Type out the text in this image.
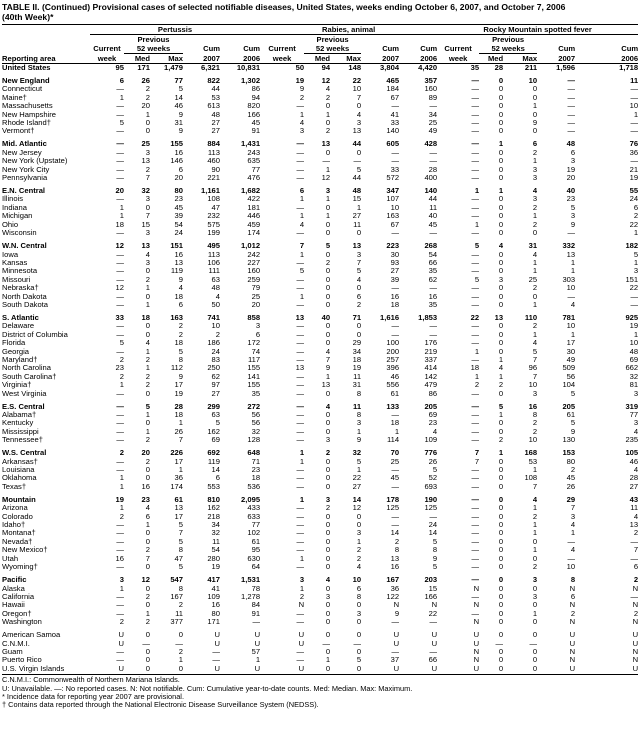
TABLE II. (Continued) Provisional cases of selected notifiable diseases, United States, weeks ending October 6, 2007, and October 7, 2006
(40th Week)*
	Pertussis					Rabies, animal					Rocky Mountain spotted fever				
		Previous					Previous					Previous			
	Current	52 weeks		Cum	Cum	Current	52 weeks		Cum	Cum	Current	52 weeks		Cum	Cum
Reporting area	week	Med	Max	2007	2006	week	Med	Max	2007	2006	week	Med	Max	2007	2006
United States	95	171	1,479	6,321	10,831	50	94	148	3,804	4,420	35	28	211	1,596	1,718

New England	6	26	77	822	1,302	19	12	22	465	357	—	0	10	—	11
Connecticut	—	2	5	44	86	9	4	10	184	160	—	0	0	—	—
Maine†	1	2	14	53	94	2	2	7	67	89	—	0	0	—	—
Massachusetts	—	20	46	613	820	—	0	0	—	—	—	0	1	—	10
New Hampshire	—	1	9	48	166	1	1	4	41	34	—	0	0	—	1
Rhode Island†	5	0	31	27	45	4	0	3	33	25	—	0	9	—	—
Vermont†	—	0	9	27	91	3	2	13	140	49	—	0	0	—	—

Mid. Atlantic	—	25	155	884	1,431	—	13	44	605	428	—	1	6	48	76
New Jersey	—	3	16	113	243	—	0	0	—	—	—	0	2	6	36
New York (Upstate)	—	13	146	460	635	—	—	—	—	—	—	0	1	3	—
New York City	—	2	6	90	77	—	1	5	33	28	—	0	3	19	21
Pennsylvania	—	7	20	221	476	—	12	44	572	400	—	0	3	20	19

E.N. Central	20	32	80	1,161	1,682	6	3	48	347	140	1	1	4	40	55
Illinois	—	3	23	108	422	1	1	15	107	44	—	0	3	23	24
Indiana	1	0	45	47	181	—	0	1	10	11	—	0	2	5	6
Michigan	1	7	39	232	446	1	1	27	163	40	—	0	1	3	2
Ohio	18	15	54	575	459	4	0	11	67	45	1	0	2	9	22
Wisconsin	—	3	24	199	174	—	0	0	—	—	—	0	0	—	1

W.N. Central	12	13	151	495	1,012	7	5	13	223	268	5	4	31	332	182
Iowa	—	4	16	113	242	1	0	3	30	54	—	0	4	13	5
Kansas	—	3	13	106	227	—	2	7	93	66	—	0	1	1	1
Minnesota	—	0	119	111	160	5	0	5	27	35	—	0	1	1	3
Missouri	—	2	9	63	259	—	0	4	39	62	5	3	25	303	151
Nebraska†	12	1	4	48	79	—	0	0	—	—	—	0	2	10	22
North Dakota	—	0	18	4	25	1	0	6	16	16	—	0	0	—	—
South Dakota	—	1	6	50	20	—	0	2	18	35	—	0	1	4	—

S. Atlantic	33	18	163	741	858	13	40	71	1,616	1,853	22	13	110	781	925
Delaware	—	0	2	10	3	—	0	0	—	—	—	0	2	10	19
District of Columbia	—	0	2	2	6	—	0	0	—	—	—	0	1	1	1
Florida	5	4	18	186	172	—	0	29	100	176	—	0	4	17	10
Georgia	—	1	5	24	74	—	4	34	200	219	1	0	5	30	48
Maryland†	2	2	8	83	117	—	7	18	257	337	—	1	7	49	69
North Carolina	23	1	112	250	155	13	9	19	396	414	18	4	96	509	662
South Carolina†	2	2	9	62	141	—	1	11	46	142	1	1	7	56	32
Virginia†	1	2	17	97	155	—	13	31	556	479	2	2	10	104	81
West Virginia	—	0	19	27	35	—	0	8	61	86	—	0	3	5	3

E.S. Central	—	5	28	299	272	—	4	11	133	205	—	5	16	205	319
Alabama†	—	1	18	63	56	—	0	8	—	69	—	1	8	61	77
Kentucky	—	0	1	5	56	—	0	3	18	23	—	0	2	5	3
Mississippi	—	1	26	162	32	—	0	1	1	4	—	0	2	9	4
Tennessee†	—	2	7	69	128	—	3	9	114	109	—	2	10	130	235

W.S. Central	2	20	226	692	648	1	2	32	70	776	7	1	168	153	105
Arkansas†	—	2	17	119	71	1	0	5	25	26	7	0	53	80	46
Louisiana	—	0	1	14	23	—	0	1	—	5	—	0	1	2	4
Oklahoma	1	0	36	6	18	—	0	22	45	52	—	0	108	45	28
Texas†	1	16	174	553	536	—	0	27	—	693	—	0	7	26	27

Mountain	19	23	61	810	2,095	1	3	14	178	190	—	0	4	29	43
Arizona	1	4	13	162	433	—	2	12	125	125	—	0	1	7	11
Colorado	2	6	17	218	633	—	0	0	—	—	—	0	2	3	4
Idaho†	—	1	5	34	77	—	0	0	—	24	—	0	1	4	13
Montana†	—	0	7	32	102	—	0	3	14	14	—	0	1	1	2
Nevada†	—	0	5	11	61	—	0	1	2	5	—	0	0	—	—
New Mexico†	—	2	8	54	95	—	0	2	8	8	—	0	1	4	7
Utah	16	7	47	280	630	1	0	2	13	9	—	0	0	—	—
Wyoming†	—	0	5	19	64	—	0	4	16	5	—	0	2	10	6

Pacific	3	12	547	417	1,531	3	4	10	167	203	—	0	3	8	2
Alaska	1	0	8	41	78	1	0	6	36	15	N	0	0	N	N
California	—	2	167	109	1,278	2	3	8	122	166	—	0	3	6	—
Hawaii	—	0	2	16	84	N	0	0	N	N	N	0	0	N	N
Oregon†	—	1	11	80	91	—	0	3	9	22	—	0	1	2	2
Washington	2	2	377	171	—	—	0	0	—	—	N	0	0	N	N

American Samoa	U	0	0	U	U	U	0	0	U	U	U	0	0	U	U
C.N.M.I.	U	—	—	U	U	U	—	—	U	U	U	—	—	U	U
Guam	—	0	2	—	57	—	0	0	—	—	N	0	0	N	N
Puerto Rico	—	0	1	—	1	—	1	5	37	66	N	0	0	N	N
U.S. Virgin Islands	U	0	0	U	U	U	0	0	U	U	U	0	0	U	U
C.N.M.I.: Commonwealth of Northern Mariana Islands.
U: Unavailable. —: No reported cases. N: Not notifiable. Cum: Cumulative year-to-date counts. Med: Median. Max: Maximum.
* Incidence data for reporting year 2007 are provisional.
† Contains data reported through the National Electronic Disease Surveillance System (NEDSS).
